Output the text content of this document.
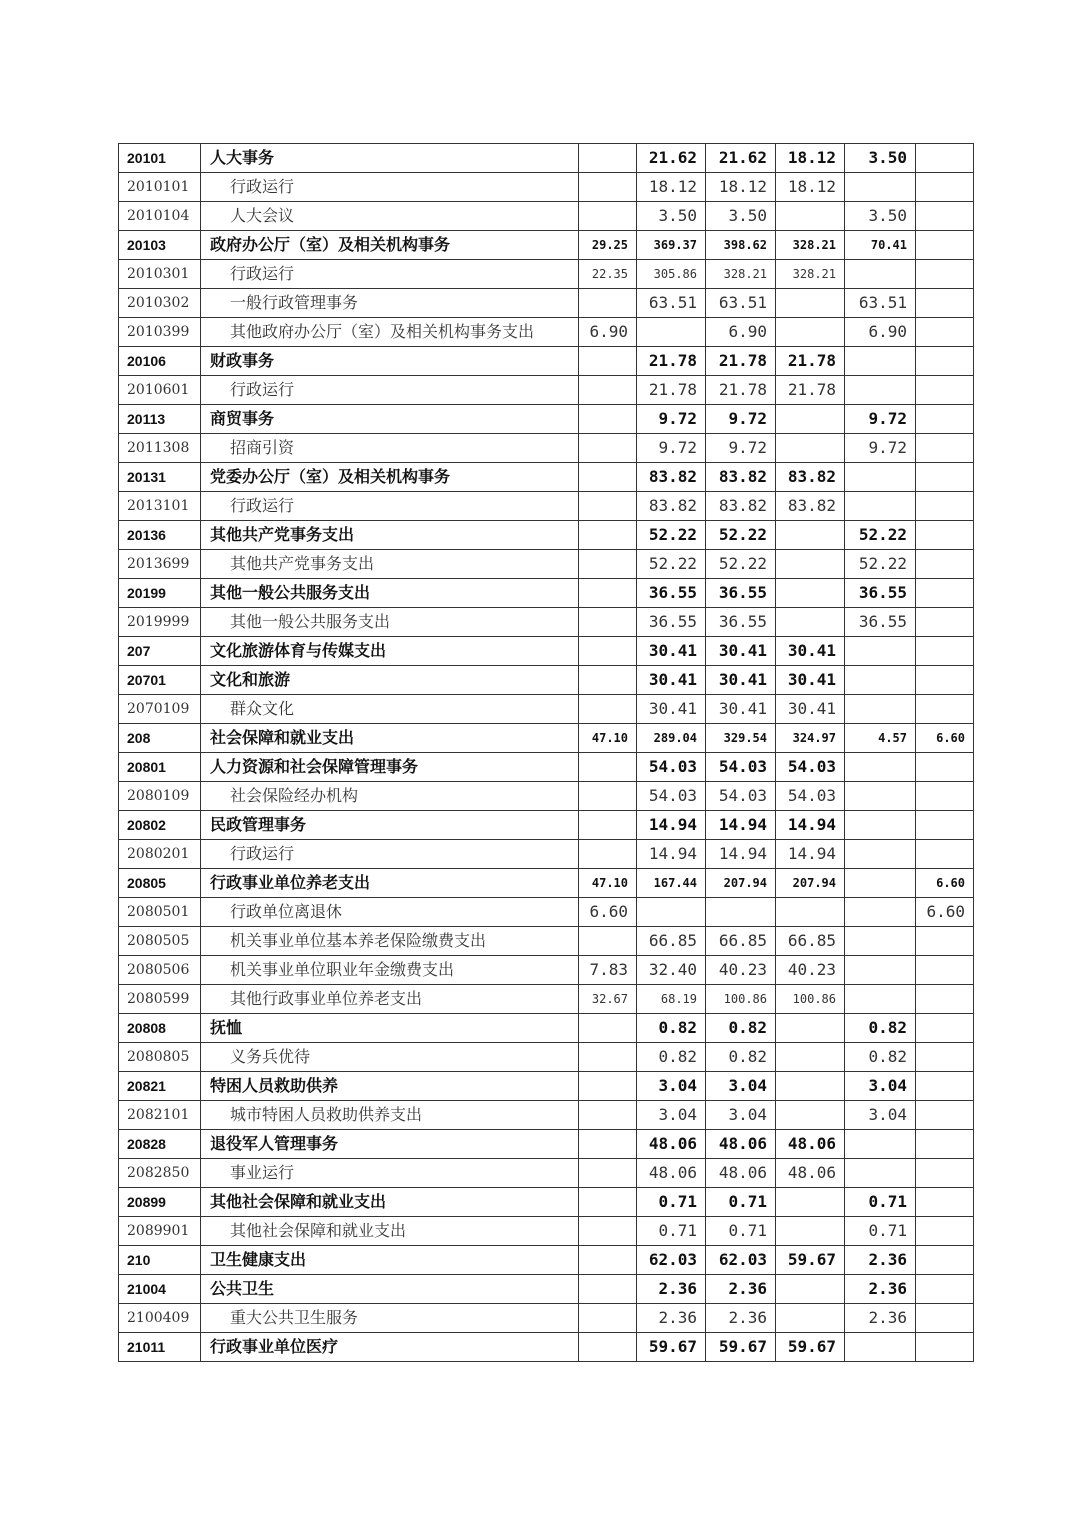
20101	人大事务		21.62	21.62	18.12	3.50	
2010101	行政运行		18.12	18.12	18.12		
2010104	人大会议		3.50	3.50		3.50	
20103	政府办公厅（室）及相关机构事务	29.25	369.37	398.62	328.21	70.41	
2010301	行政运行	22.35	305.86	328.21	328.21		
2010302	一般行政管理事务		63.51	63.51		63.51	
2010399	其他政府办公厅（室）及相关机构事务支出	6.90		6.90		6.90	
20106	财政事务		21.78	21.78	21.78		
2010601	行政运行		21.78	21.78	21.78		
20113	商贸事务		9.72	9.72		9.72	
2011308	招商引资		9.72	9.72		9.72	
20131	党委办公厅（室）及相关机构事务		83.82	83.82	83.82		
2013101	行政运行		83.82	83.82	83.82		
20136	其他共产党事务支出		52.22	52.22		52.22	
2013699	其他共产党事务支出		52.22	52.22		52.22	
20199	其他一般公共服务支出		36.55	36.55		36.55	
2019999	其他一般公共服务支出		36.55	36.55		36.55	
207	文化旅游体育与传媒支出		30.41	30.41	30.41		
20701	文化和旅游		30.41	30.41	30.41		
2070109	群众文化		30.41	30.41	30.41		
208	社会保障和就业支出	47.10	289.04	329.54	324.97	4.57	6.60
20801	人力资源和社会保障管理事务		54.03	54.03	54.03		
2080109	社会保险经办机构		54.03	54.03	54.03		
20802	民政管理事务		14.94	14.94	14.94		
2080201	行政运行		14.94	14.94	14.94		
20805	行政事业单位养老支出	47.10	167.44	207.94	207.94		6.60
2080501	行政单位离退休	6.60					6.60
2080505	机关事业单位基本养老保险缴费支出		66.85	66.85	66.85		
2080506	机关事业单位职业年金缴费支出	7.83	32.40	40.23	40.23		
2080599	其他行政事业单位养老支出	32.67	68.19	100.86	100.86		
20808	抚恤		0.82	0.82		0.82	
2080805	义务兵优待		0.82	0.82		0.82	
20821	特困人员救助供养		3.04	3.04		3.04	
2082101	城市特困人员救助供养支出		3.04	3.04		3.04	
20828	退役军人管理事务		48.06	48.06	48.06		
2082850	事业运行		48.06	48.06	48.06		
20899	其他社会保障和就业支出		0.71	0.71		0.71	
2089901	其他社会保障和就业支出		0.71	0.71		0.71	
210	卫生健康支出		62.03	62.03	59.67	2.36	
21004	公共卫生		2.36	2.36		2.36	
2100409	重大公共卫生服务		2.36	2.36		2.36	
21011	行政事业单位医疗		59.67	59.67	59.67		
